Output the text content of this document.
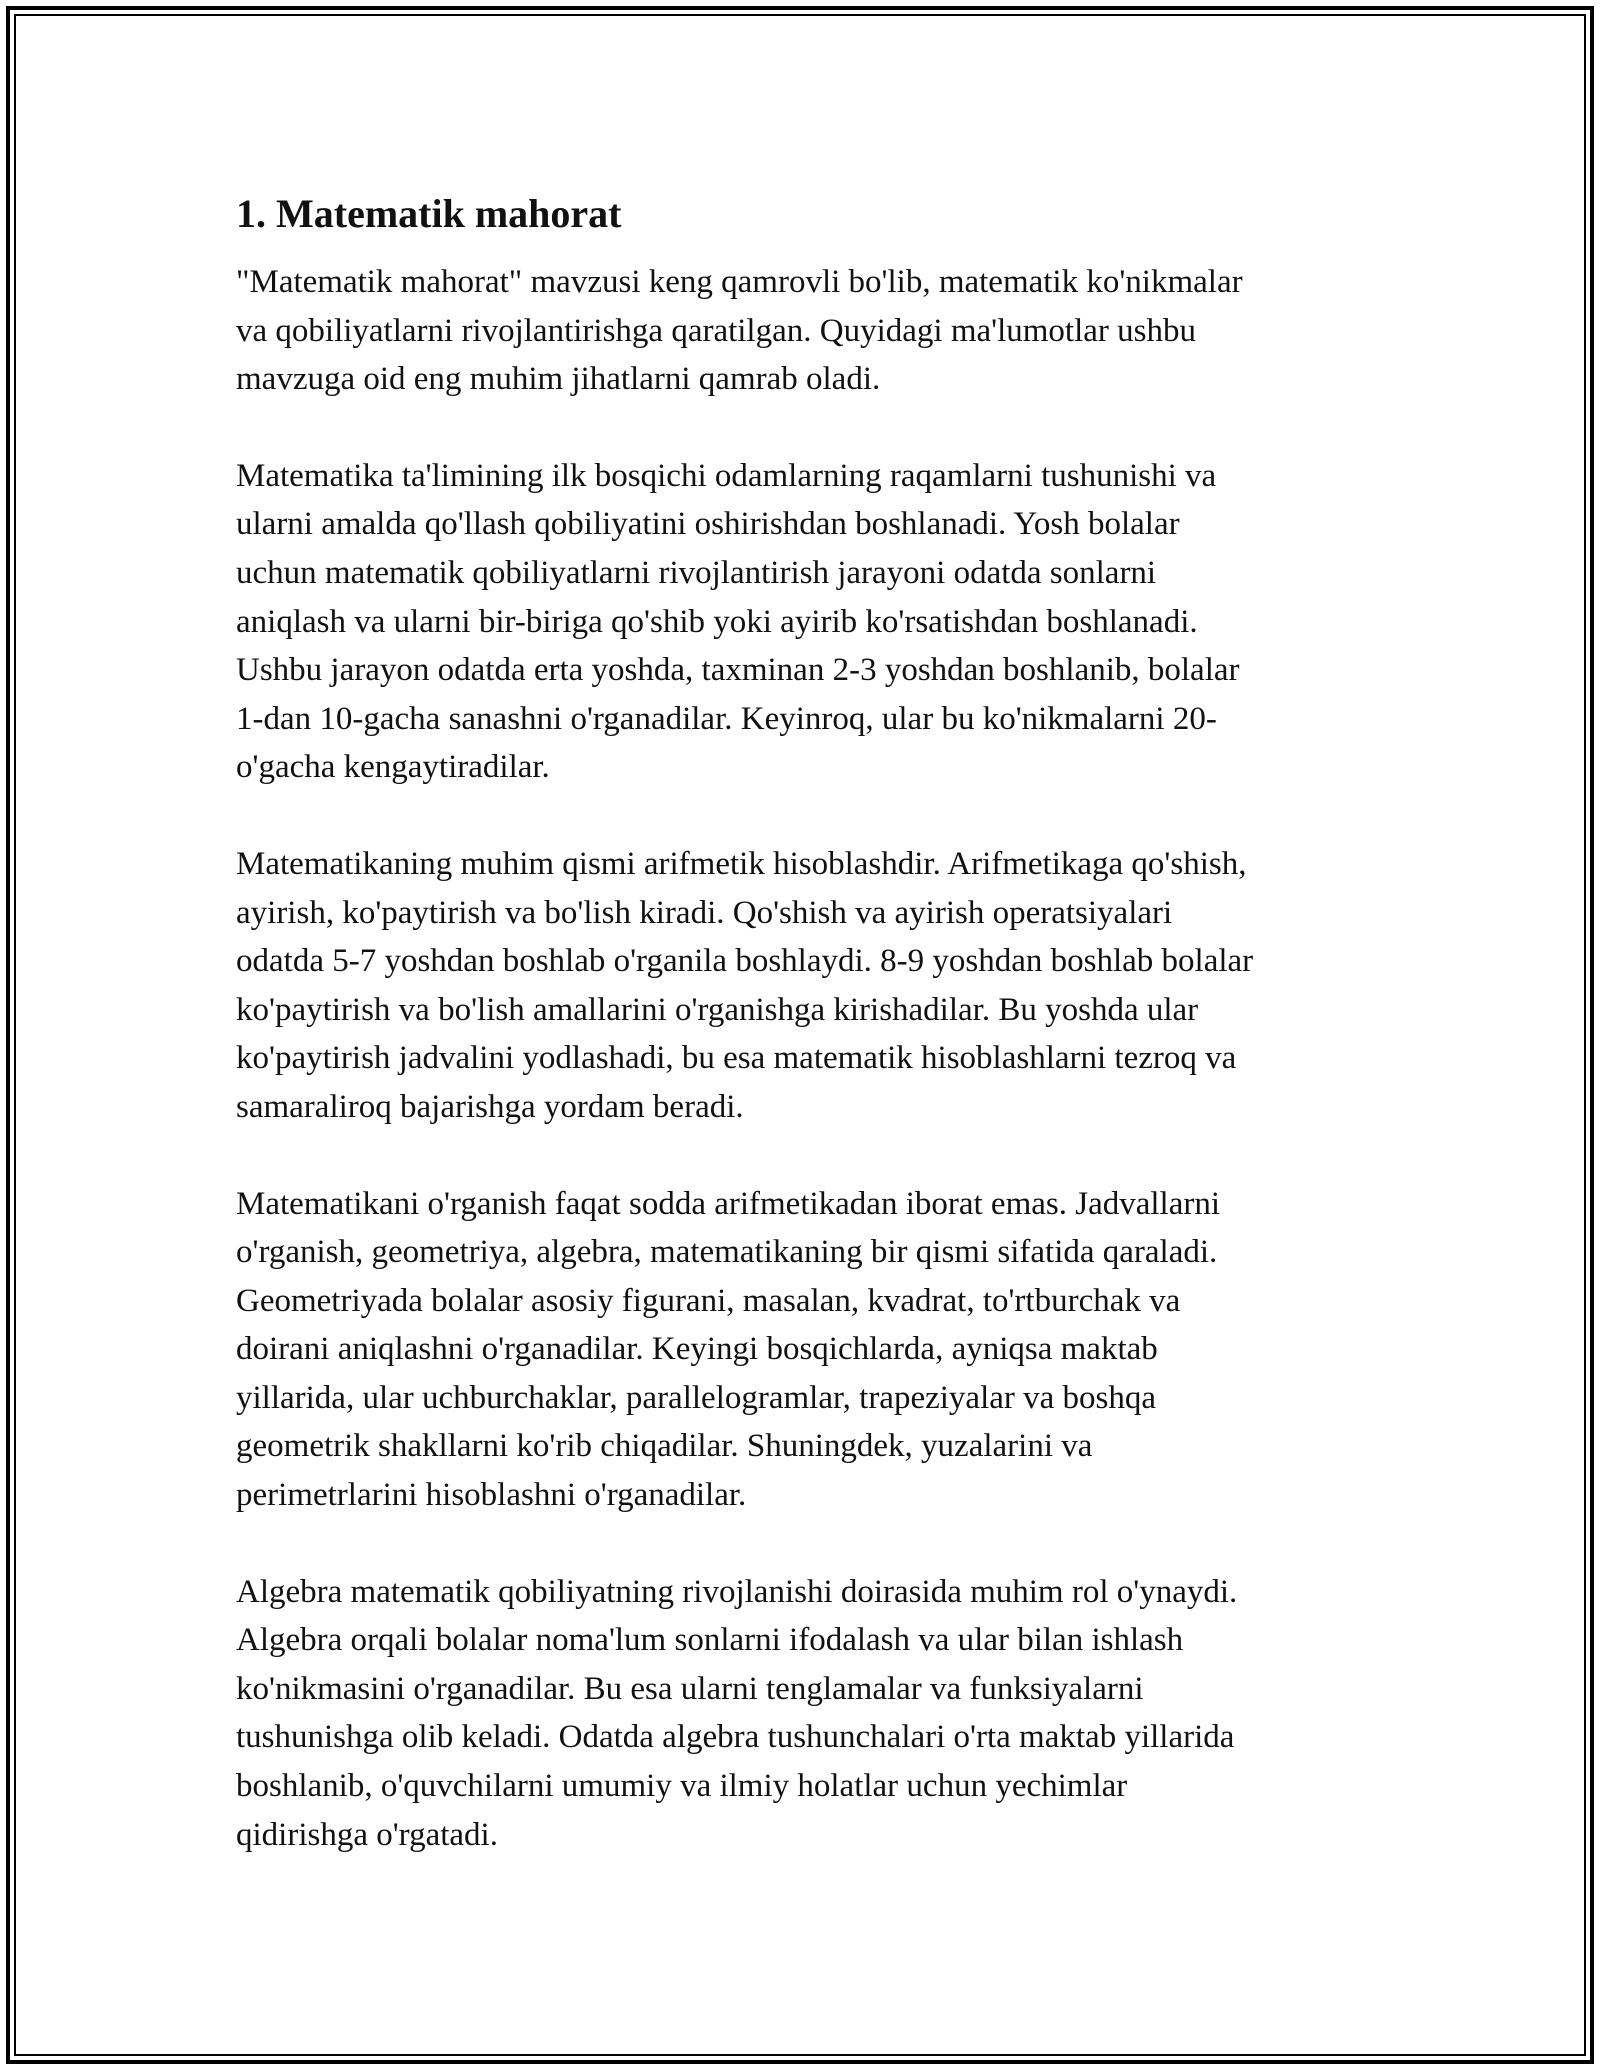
1. Matematik mahorat
"Matematik mahorat" mavzusi keng qamrovli bo'lib, matematik ko'nikmalar
va qobiliyatlarni rivojlantirishga qaratilgan. Quyidagi ma'lumotlar ushbu
mavzuga oid eng muhim jihatlarni qamrab oladi.
Matematika ta'limining ilk bosqichi odamlarning raqamlarni tushunishi va
ularni amalda qo'llash qobiliyatini oshirishdan boshlanadi. Yosh bolalar
uchun matematik qobiliyatlarni rivojlantirish jarayoni odatda sonlarni
aniqlash va ularni bir-biriga qo'shib yoki ayirib ko'rsatishdan boshlanadi.
Ushbu jarayon odatda erta yoshda, taxminan 2-3 yoshdan boshlanib, bolalar
1-dan 10-gacha sanashni o'rganadilar. Keyinroq, ular bu ko'nikmalarni 20-
o'gacha kengaytiradilar.
Matematikaning muhim qismi arifmetik hisoblashdir. Arifmetikaga qo'shish,
ayirish, ko'paytirish va bo'lish kiradi. Qo'shish va ayirish operatsiyalari
odatda 5-7 yoshdan boshlab o'rganila boshlaydi. 8-9 yoshdan boshlab bolalar
ko'paytirish va bo'lish amallarini o'rganishga kirishadilar. Bu yoshda ular
ko'paytirish jadvalini yodlashadi, bu esa matematik hisoblashlarni tezroq va
samaraliroq bajarishga yordam beradi.
Matematikani o'rganish faqat sodda arifmetikadan iborat emas. Jadvallarni
o'rganish, geometriya, algebra, matematikaning bir qismi sifatida qaraladi.
Geometriyada bolalar asosiy figurani, masalan, kvadrat, to'rtburchak va
doirani aniqlashni o'rganadilar. Keyingi bosqichlarda, ayniqsa maktab
yillarida, ular uchburchaklar, parallelogramlar, trapeziyalar va boshqa
geometrik shakllarni ko'rib chiqadilar. Shuningdek, yuzalarini va
perimetrlarini hisoblashni o'rganadilar.
Algebra matematik qobiliyatning rivojlanishi doirasida muhim rol o'ynaydi.
Algebra orqali bolalar noma'lum sonlarni ifodalash va ular bilan ishlash
ko'nikmasini o'rganadilar. Bu esa ularni tenglamalar va funksiyalarni
tushunishga olib keladi. Odatda algebra tushunchalari o'rta maktab yillarida
boshlanib, o'quvchilarni umumiy va ilmiy holatlar uchun yechimlar
qidirishga o'rgatadi.
